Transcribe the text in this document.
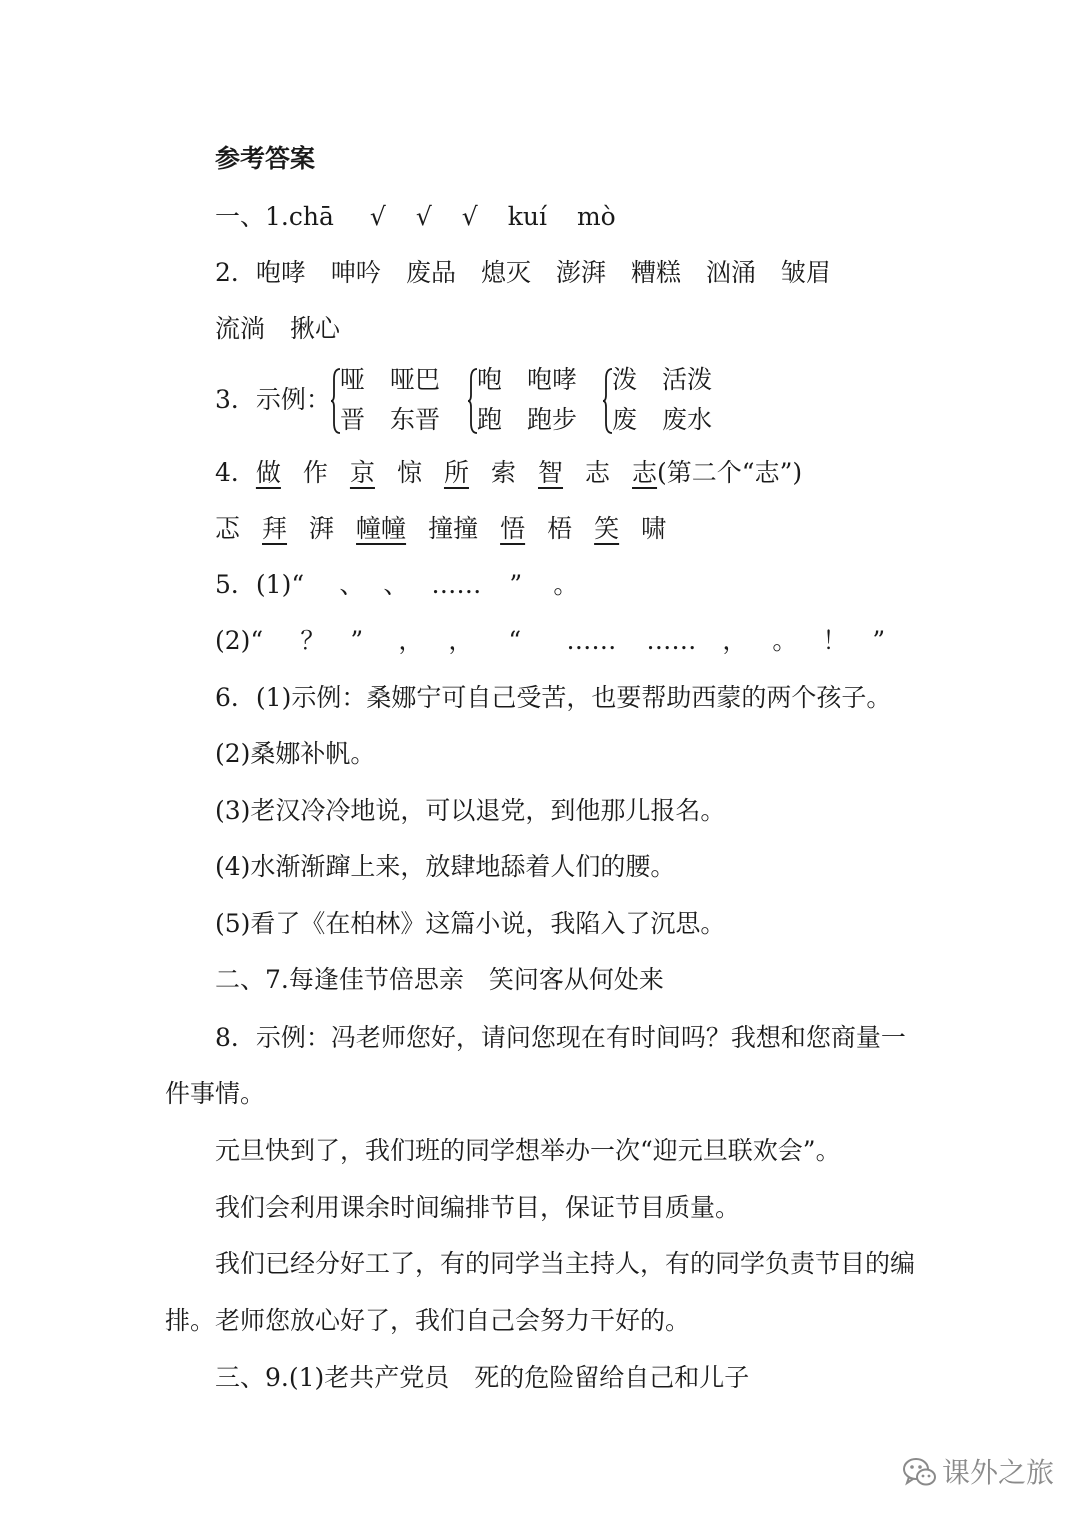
参考答案
一、1.chā √ √ √ kuí mò
2．咆哮 呻吟 废品 熄灭 澎湃 糟糕 汹涌 皱眉
流淌 揪心
3．示例：
哑 哑巴
晋 东晋
咆 咆哮
跑 跑步
泼 活泼
废 废水
4．做 作 京 惊 所 索 智 志 志(第二个“志”)
忑 拜 湃 幢幢 撞撞 悟 梧 笑 啸
5．(1)“ 、 、 …… ” 。
(2)“ ？ ” ， ， “ …… …… ， 。 ！ ”
6．(1)示例：桑娜宁可自己受苦，也要帮助西蒙的两个孩子。
(2)桑娜补帆。
(3)老汉冷冷地说，可以退党，到他那儿报名。
(4)水渐渐蹿上来，放肆地舔着人们的腰。
(5)看了《在柏林》这篇小说，我陷入了沉思。
二、7.每逢佳节倍思亲　笑问客从何处来
8．示例：冯老师您好，请问您现在有时间吗？我想和您商量一
件事情。
元旦快到了，我们班的同学想举办一次“迎元旦联欢会”。
我们会利用课余时间编排节目，保证节目质量。
我们已经分好工了，有的同学当主持人，有的同学负责节目的编
排。老师您放心好了，我们自己会努力干好的。
三、9.(1)老共产党员　死的危险留给自己和儿子
课外之旅
